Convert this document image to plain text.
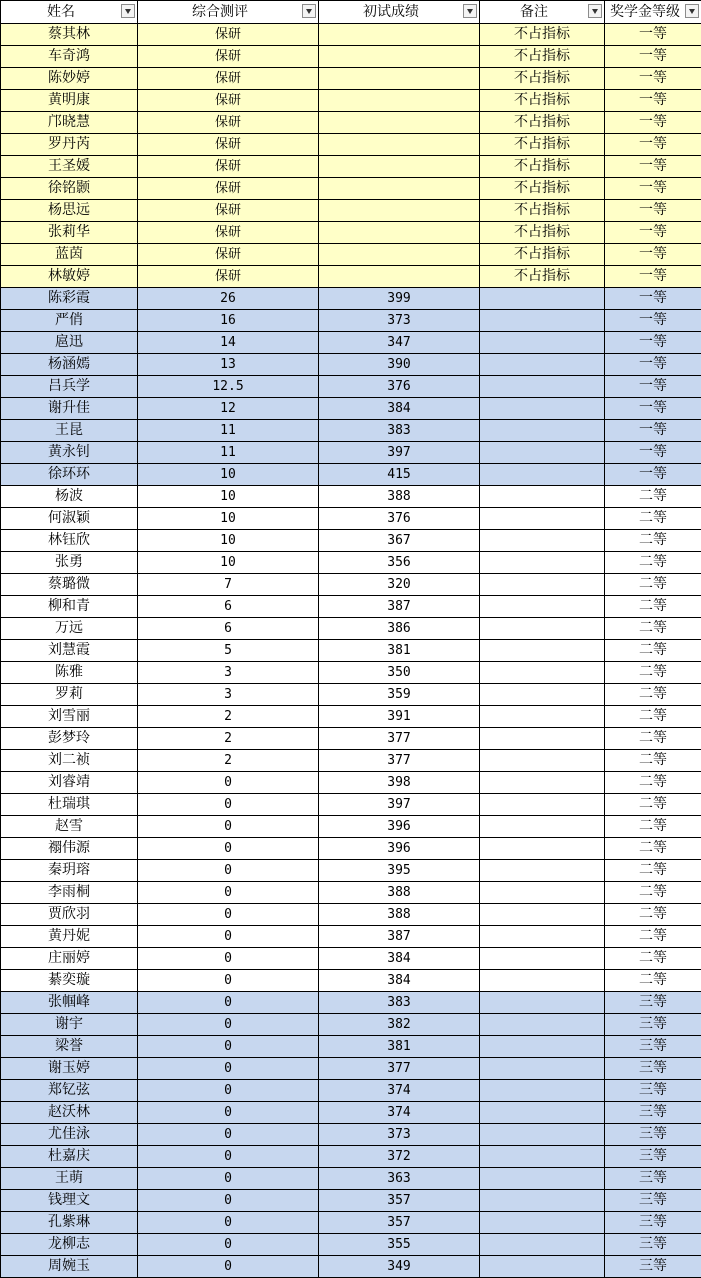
姓名	综合测评	初试成绩	备注	奖学金等级

蔡其林	保研		不占指标	一等
车奇鸿	保研		不占指标	一等
陈妙婷	保研		不占指标	一等
黄明康	保研		不占指标	一等
邝晓慧	保研		不占指标	一等
罗丹芮	保研		不占指标	一等
王圣媛	保研		不占指标	一等
徐铭颢	保研		不占指标	一等
杨思远	保研		不占指标	一等
张莉华	保研		不占指标	一等
蓝茵	保研		不占指标	一等
林敏婷	保研		不占指标	一等
陈彩霞	26	399		一等
严俏	16	373		一等
扈迅	14	347		一等
杨涵嫣	13	390		一等
吕兵学	12.5	376		一等
谢升佳	12	384		一等
王昆	11	383		一等
黄永钊	11	397		一等
徐环环	10	415		一等
杨波	10	388		二等
何淑颖	10	376		二等
林钰欣	10	367		二等
张勇	10	356		二等
蔡璐微	7	320		二等
柳和青	6	387		二等
万远	6	386		二等
刘慧霞	5	381		二等
陈雅	3	350		二等
罗莉	3	359		二等
刘雪丽	2	391		二等
彭梦玲	2	377		二等
刘二祯	2	377		二等
刘睿靖	0	398		二等
杜瑞琪	0	397		二等
赵雪	0	396		二等
禤伟源	0	396		二等
秦玥瑢	0	395		二等
李雨桐	0	388		二等
贾欣羽	0	388		二等
黄丹妮	0	387		二等
庄丽婷	0	384		二等
綦奕璇	0	384		二等
张帼峰	0	383		三等
谢宇	0	382		三等
梁誉	0	381		三等
谢玉婷	0	377		三等
郑钇弦	0	374		三等
赵沃林	0	374		三等
尤佳泳	0	373		三等
杜嘉庆	0	372		三等
王萌	0	363		三等
钱理文	0	357		三等
孔紫琳	0	357		三等
龙柳志	0	355		三等
周婉玉	0	349		三等
